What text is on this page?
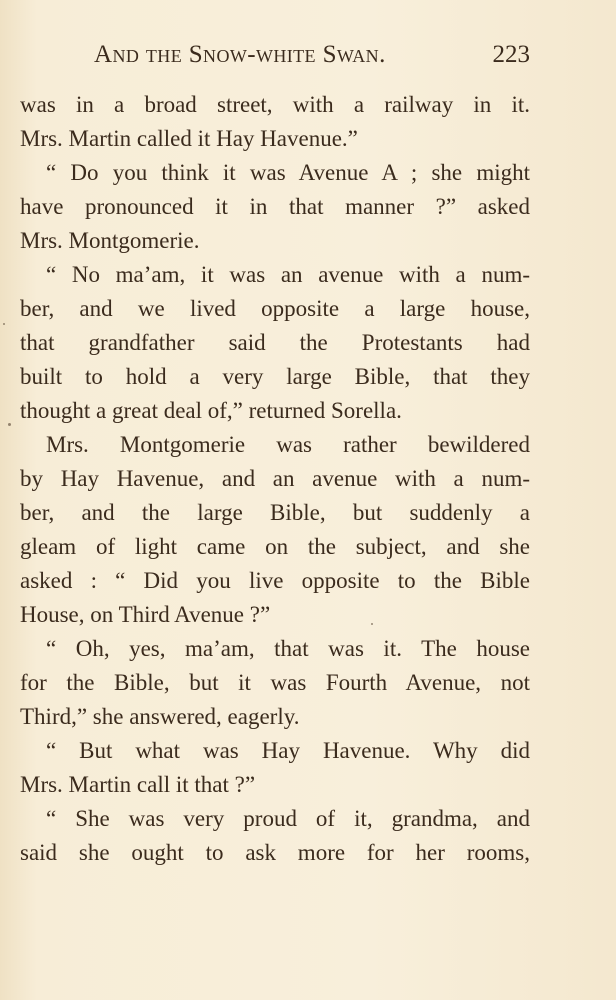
And the Snow-white Swan.	223
was in a broad street, with a railway in it.
Mrs. Martin called it Hay Havenue.”
“ Do you think it was Avenue A ; she might
have pronounced it in that manner ?” asked
Mrs. Montgomerie.
“ No ma’am, it was an avenue with a num-
ber, and we lived opposite a large house,
that grandfather said the Protestants had
built to hold a very large Bible, that they
thought a great deal of,” returned Sorella.
Mrs. Montgomerie was rather bewildered
by Hay Havenue, and an avenue with a num-
ber, and the large Bible, but suddenly a
gleam of light came on the subject, and she
asked : “ Did you live opposite to the Bible
House, on Third Avenue ?”
“ Oh, yes, ma’am, that was it. The house
for the Bible, but it was Fourth Avenue, not
Third,” she answered, eagerly.
“ But what was Hay Havenue. Why did
Mrs. Martin call it that ?”
“ She was very proud of it, grandma, and
said she ought to ask more for her rooms,
